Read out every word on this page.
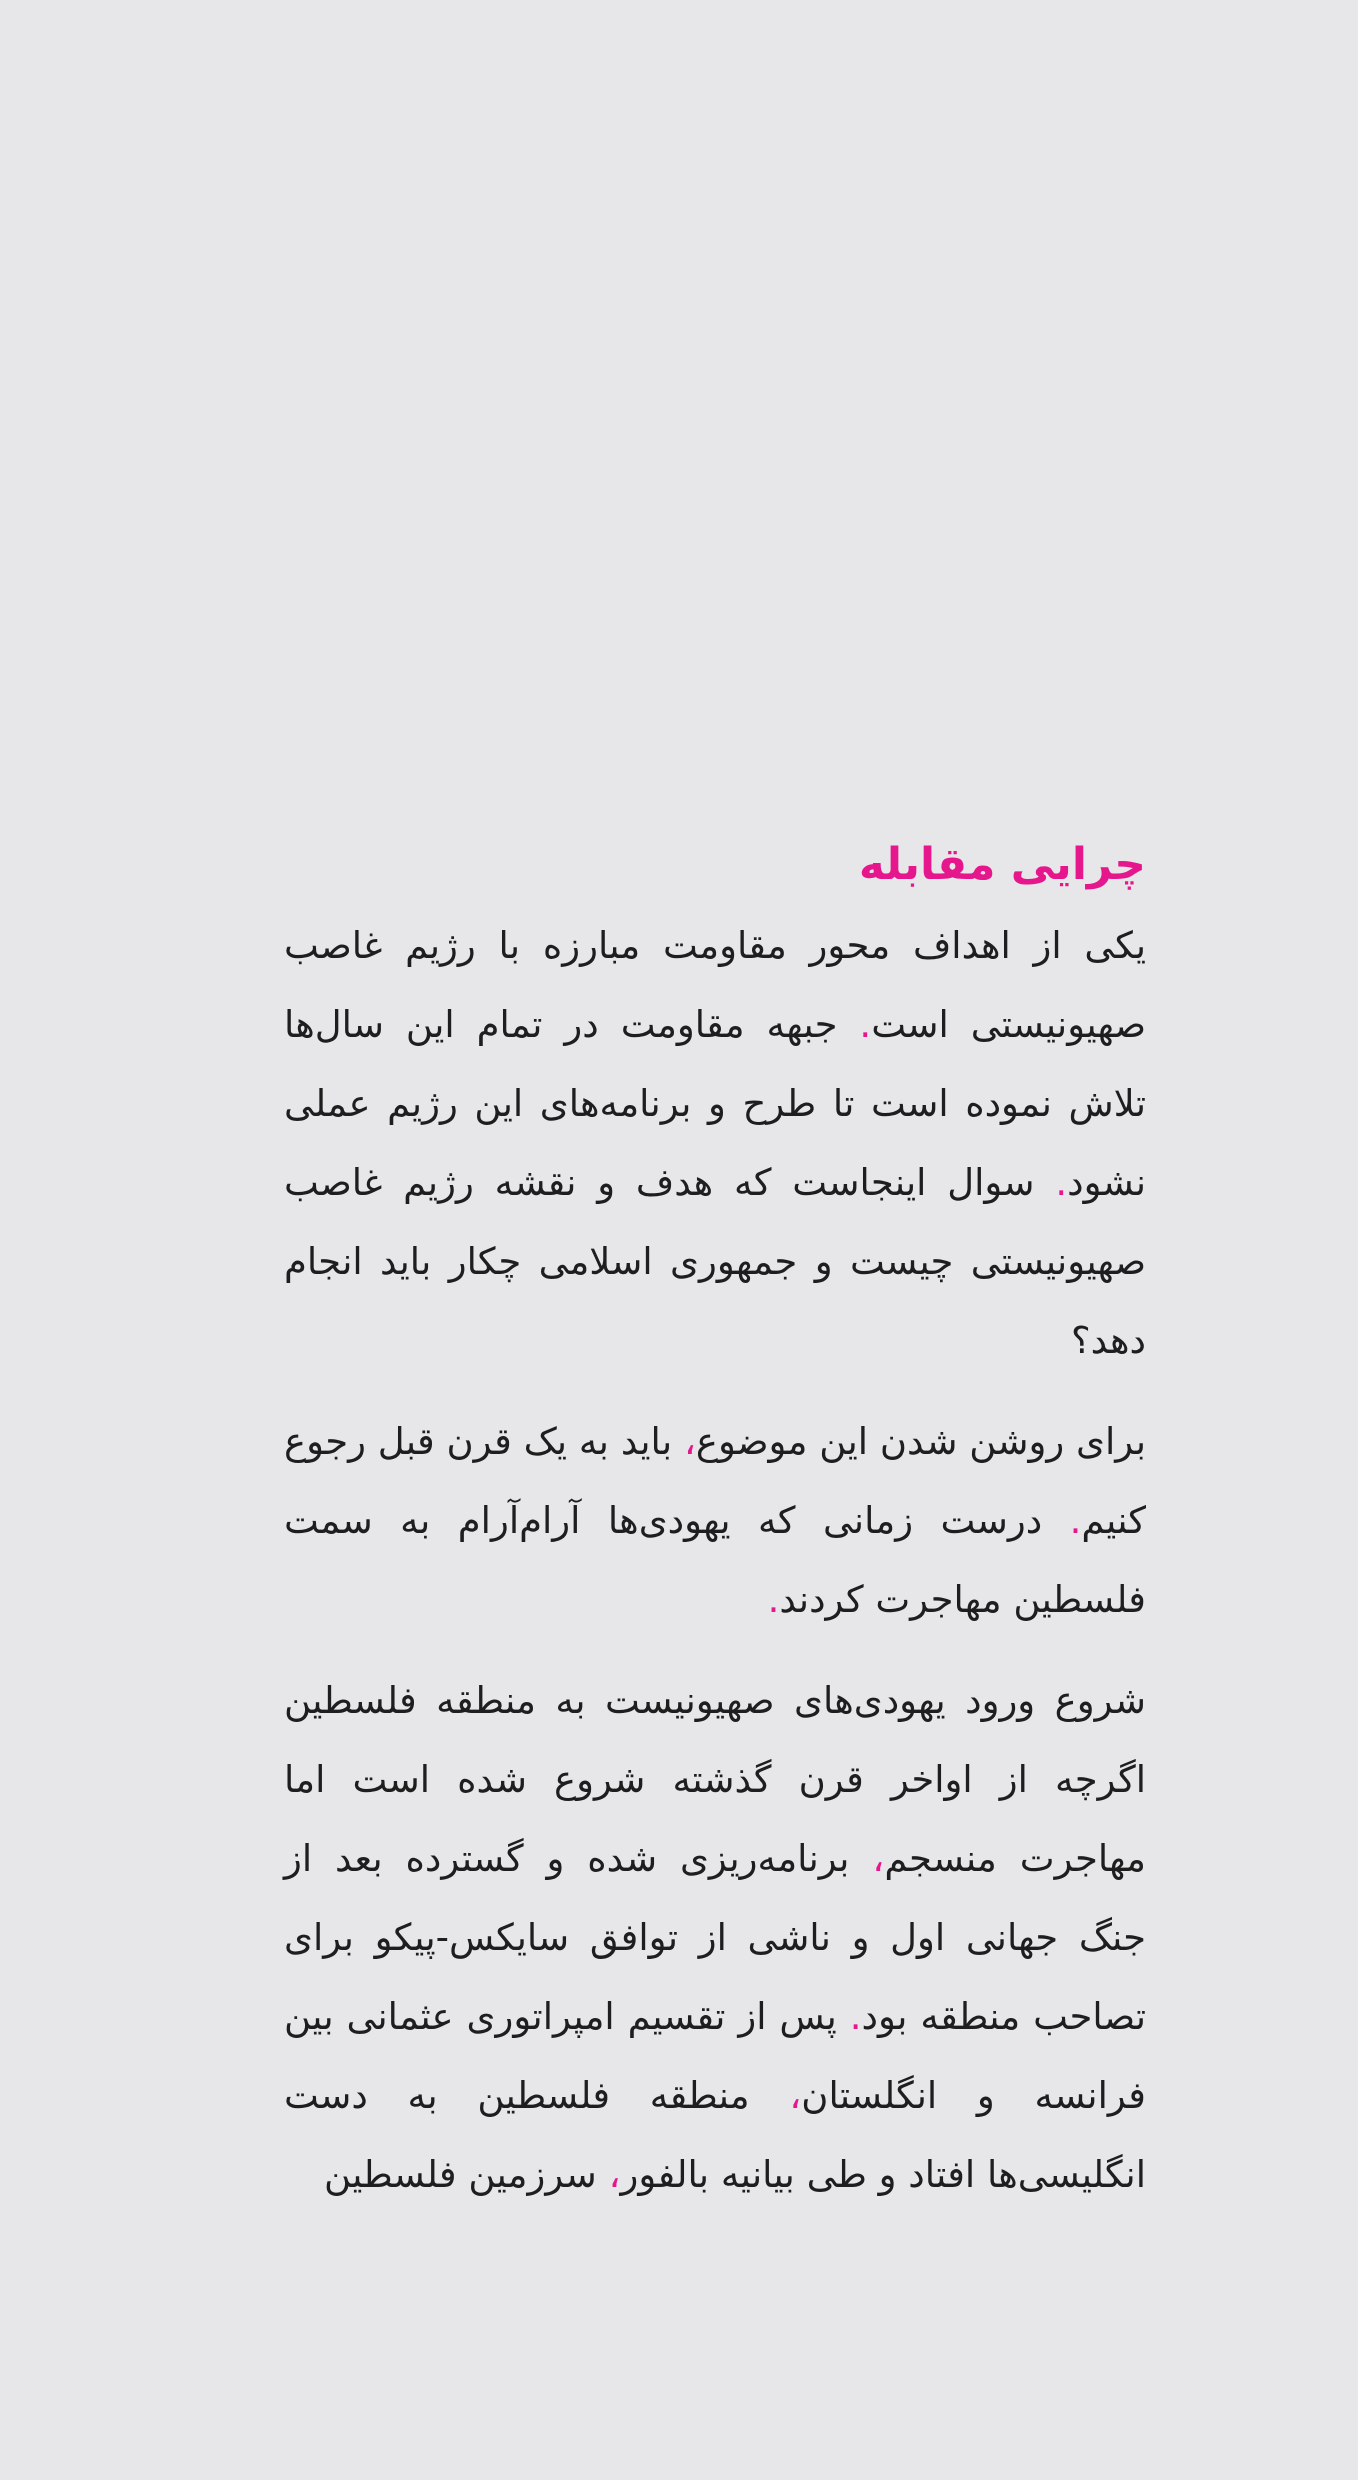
چرایی مقابله

یکی از اهداف محور مقاومت مبارزه با رژیم غاصب صهیونیستی است. جبهه مقاومت در تمام این سال‌ها تلاش نموده است تا طرح و برنامه‌های این رژیم عملی نشود. سوال اینجاست که هدف و نقشه رژیم غاصب صهیونیستی چیست و جمهوری اسلامی چکار باید انجام دهد؟

برای روشن شدن این موضوع، باید به یک قرن قبل رجوع کنیم. درست زمانی که یهودی‌ها آرام‌آرام به سمت فلسطین مهاجرت کردند.

شروع ورود یهودی‌های صهیونیست به منطقه فلسطین اگرچه از اواخر قرن گذشته شروع شده است اما مهاجرت منسجم، برنامه‌ریزی شده و گسترده بعد از جنگ جهانی اول و ناشی از توافق سایکس-پیکو برای تصاحب منطقه بود. پس از تقسیم امپراتوری عثمانی بین فرانسه و انگلستان، منطقه فلسطین به دست انگلیسی‌ها افتاد و طی بیانیه بالفور، سرزمین فلسطین
